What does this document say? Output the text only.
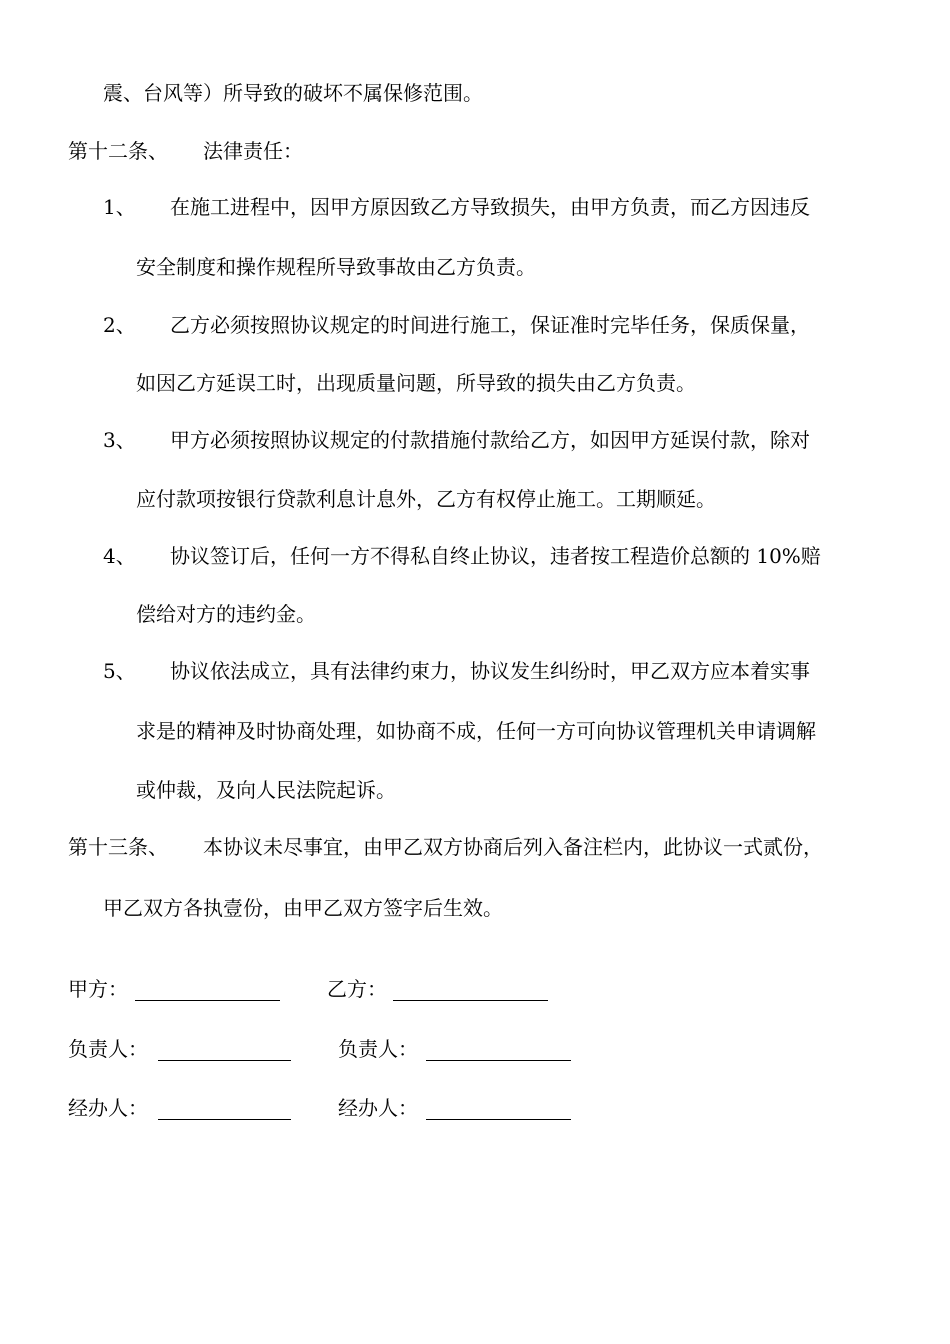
震、台风等）所导致的破坏不属保修范围。
第十二条、 法律责任：
1、 在施工进程中，因甲方原因致乙方导致损失，由甲方负责，而乙方因违反
安全制度和操作规程所导致事故由乙方负责。
2、 乙方必须按照协议规定的时间进行施工，保证准时完毕任务，保质保量，
如因乙方延误工时，出现质量问题，所导致的损失由乙方负责。
3、 甲方必须按照协议规定的付款措施付款给乙方，如因甲方延误付款，除对
应付款项按银行贷款利息计息外，乙方有权停止施工。工期顺延。
4、 协议签订后，任何一方不得私自终止协议，违者按工程造价总额的 10%赔
偿给对方的违约金。
5、 协议依法成立，具有法律约束力，协议发生纠纷时，甲乙双方应本着实事
求是的精神及时协商处理，如协商不成，任何一方可向协议管理机关申请调解
或仲裁，及向人民法院起诉。
第十三条、 本协议未尽事宜，由甲乙双方协商后列入备注栏内，此协议一式贰份，
甲乙双方各执壹份，由甲乙双方签字后生效。
甲方：	乙方：
负责人：	负责人：
经办人：	经办人：
